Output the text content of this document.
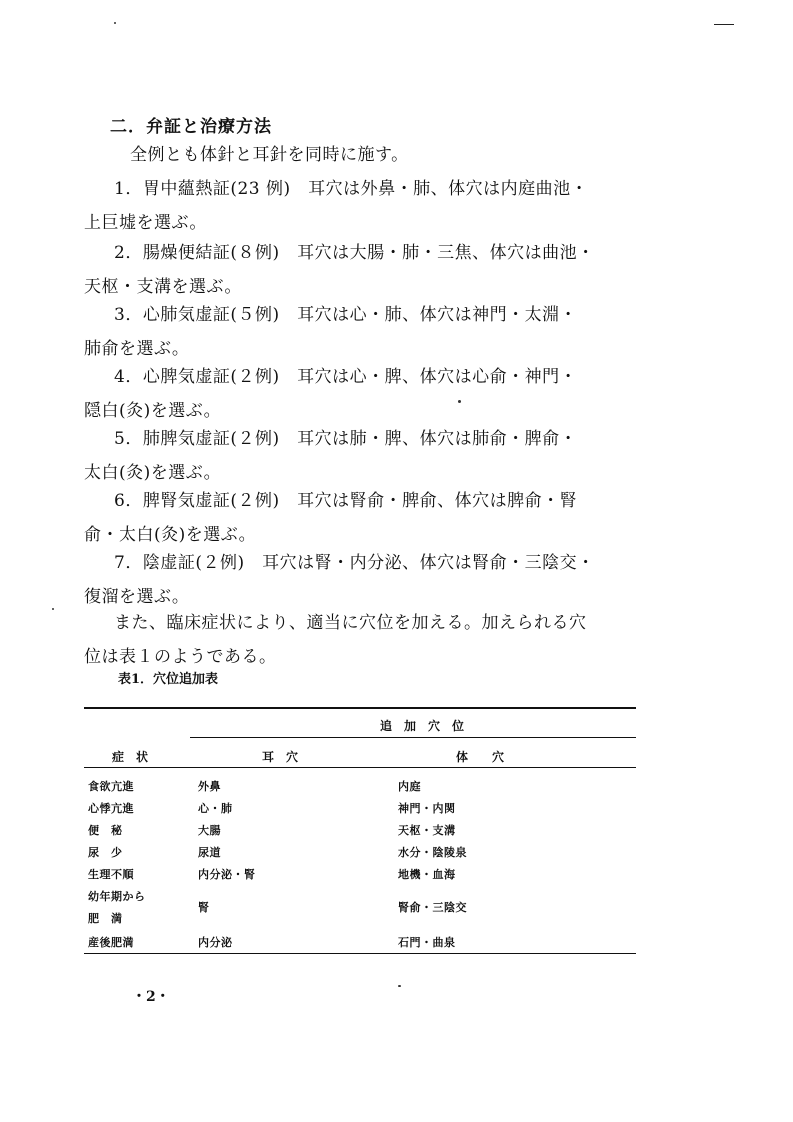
二．弁証と治療方法
全例とも体針と耳針を同時に施す。
1．胃中蘊熱証(23 例)　耳穴は外鼻・肺、体穴は内庭曲池・
上巨墟を選ぶ。
2．腸燥便結証(８例)　耳穴は大腸・肺・三焦、体穴は曲池・
天枢・支溝を選ぶ。
3．心肺気虚証(５例)　耳穴は心・肺、体穴は神門・太淵・
肺俞を選ぶ。
4．心脾気虚証(２例)　耳穴は心・脾、体穴は心俞・神門・
隠白(灸)を選ぶ。
5．肺脾気虚証(２例)　耳穴は肺・脾、体穴は肺俞・脾俞・
太白(灸)を選ぶ。
6．脾腎気虚証(２例)　耳穴は腎俞・脾俞、体穴は脾俞・腎
俞・太白(灸)を選ぶ。
7．陰虚証(２例)　耳穴は腎・内分泌、体穴は腎俞・三陰交・
復溜を選ぶ。
また、臨床症状により、適当に穴位を加える。加えられる穴
位は表１のようである。
表1．穴位追加表
追　加　穴　位
症　状	耳　穴	体　　穴
食欲亢進	外鼻	内庭
心悸亢進	心・肺	神門・内関
便　秘	大腸	天枢・支溝
尿　少	尿道	水分・陰陵泉
生理不順	内分泌・腎	地機・血海
幼年期から
肥　満
腎	腎俞・三陰交
産後肥満	内分泌	石門・曲泉
・2・
